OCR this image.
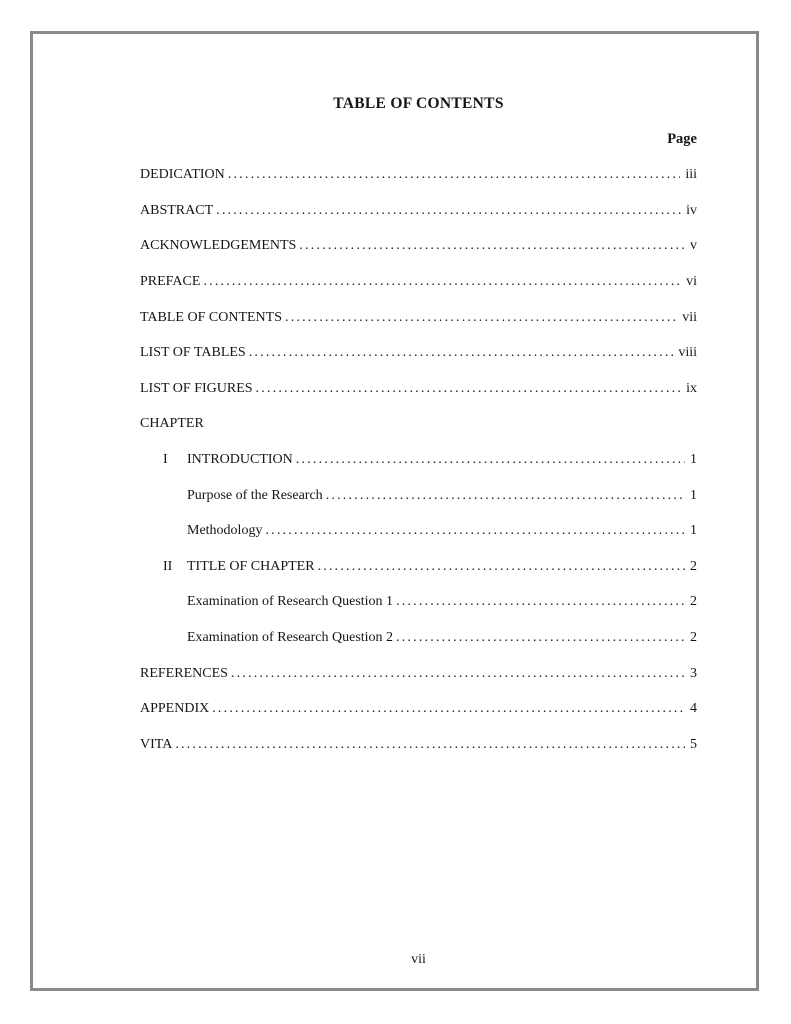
TABLE OF CONTENTS
Page
DEDICATION .....	iii
ABSTRACT .....	iv
ACKNOWLEDGEMENTS .....	v
PREFACE .....	vi
TABLE OF CONTENTS .....	vii
LIST OF TABLES .....	viii
LIST OF FIGURES .....	ix
CHAPTER
I	INTRODUCTION .....	1
Purpose of the Research .....	1
Methodology .....	1
II	TITLE OF CHAPTER .....	2
Examination of Research Question 1 .....	2
Examination of Research Question 2 .....	2
REFERENCES .....	3
APPENDIX .....	4
VITA .....	5
vii
